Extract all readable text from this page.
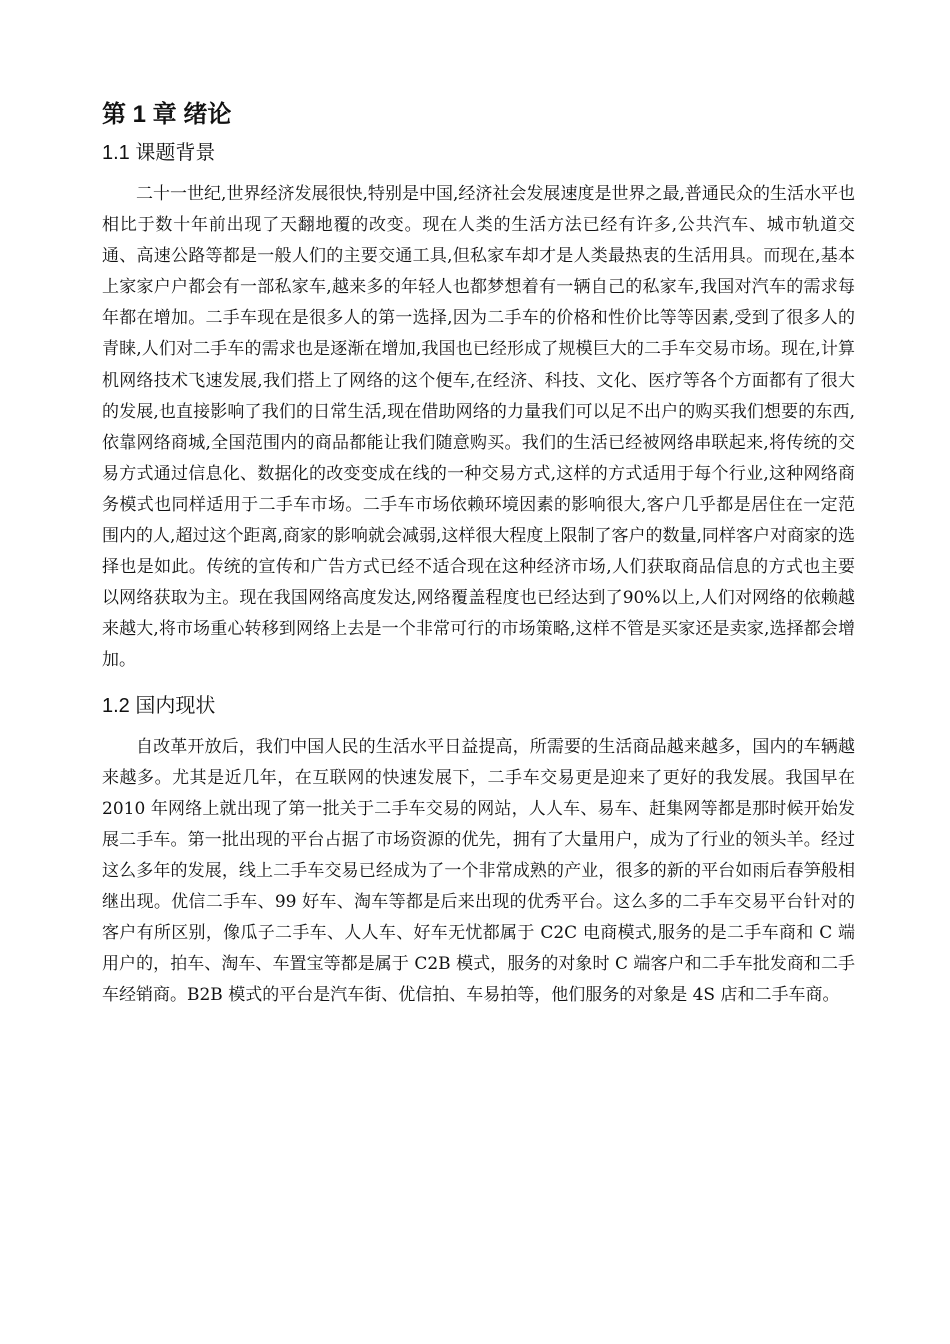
第 1 章 绪论
1.1 课题背景

二十一世纪,世界经济发展很快,特别是中国,经济社会发展速度是世界之最,普通民众的生活水平也相比于数十年前出现了天翻地覆的改变。现在人类的生活方法已经有许多,公共汽车、城市轨道交通、高速公路等都是一般人们的主要交通工具,但私家车却才是人类最热衷的生活用具。而现在,基本上家家户户都会有一部私家车,越来多的年轻人也都梦想着有一辆自己的私家车,我国对汽车的需求每年都在增加。二手车现在是很多人的第一选择,因为二手车的价格和性价比等等因素,受到了很多人的青睐,人们对二手车的需求也是逐渐在增加,我国也已经形成了规模巨大的二手车交易市场。现在,计算机网络技术飞速发展,我们搭上了网络的这个便车,在经济、科技、文化、医疗等各个方面都有了很大的发展,也直接影响了我们的日常生活,现在借助网络的力量我们可以足不出户的购买我们想要的东西,依靠网络商城,全国范围内的商品都能让我们随意购买。我们的生活已经被网络串联起来,将传统的交易方式通过信息化、数据化的改变变成在线的一种交易方式,这样的方式适用于每个行业,这种网络商务模式也同样适用于二手车市场。二手车市场依赖环境因素的影响很大,客户几乎都是居住在一定范围内的人,超过这个距离,商家的影响就会减弱,这样很大程度上限制了客户的数量,同样客户对商家的选择也是如此。传统的宣传和广告方式已经不适合现在这种经济市场,人们获取商品信息的方式也主要以网络获取为主。现在我国网络高度发达,网络覆盖程度也已经达到了90%以上,人们对网络的依赖越来越大,将市场重心转移到网络上去是一个非常可行的市场策略,这样不管是买家还是卖家,选择都会增加。

1.2 国内现状

自改革开放后，我们中国人民的生活水平日益提高，所需要的生活商品越来越多，国内的车辆越来越多。尤其是近几年，在互联网的快速发展下，二手车交易更是迎来了更好的我发展。我国早在 2010 年网络上就出现了第一批关于二手车交易的网站，人人车、易车、赶集网等都是那时候开始发展二手车。第一批出现的平台占据了市场资源的优先，拥有了大量用户，成为了行业的领头羊。经过这么多年的发展，线上二手车交易已经成为了一个非常成熟的产业，很多的新的平台如雨后春笋般相继出现。优信二手车、99 好车、淘车等都是后来出现的优秀平台。这么多的二手车交易平台针对的客户有所区别，像瓜子二手车、人人车、好车无忧都属于 C2C 电商模式,服务的是二手车商和 C 端用户的，拍车、淘车、车置宝等都是属于 C2B 模式，服务的对象时 C 端客户和二手车批发商和二手车经销商。B2B 模式的平台是汽车街、优信拍、车易拍等，他们服务的对象是 4S 店和二手车商。
